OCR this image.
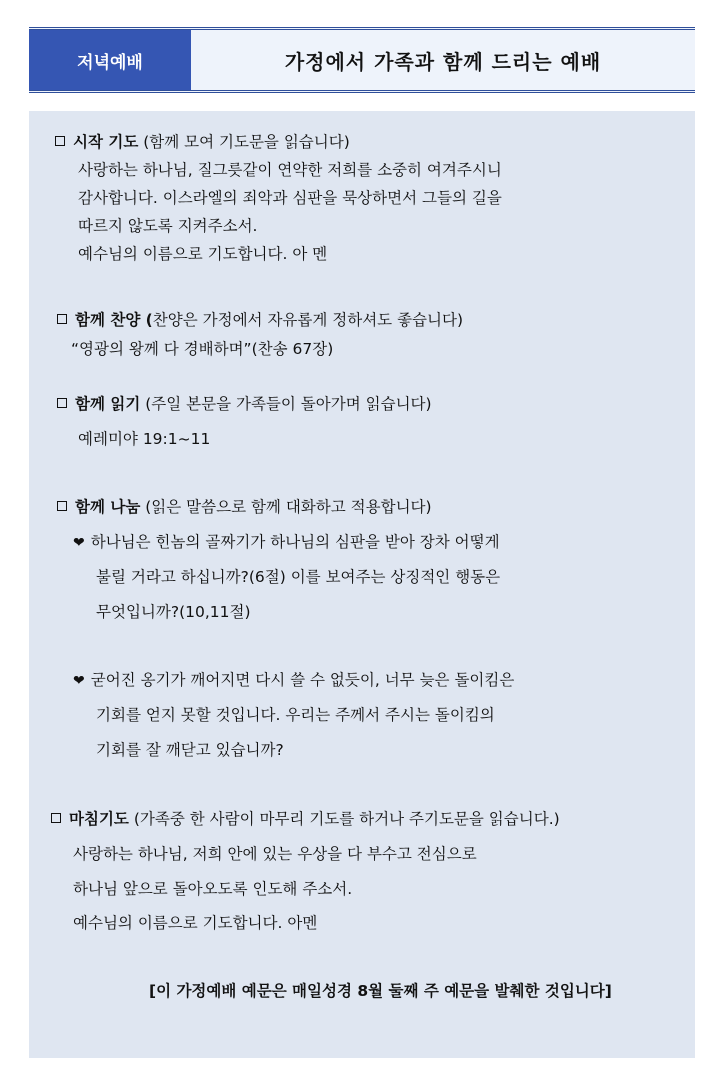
저녁예배	가정에서 가족과 함께 드리는 예배
시작 기도 (함께 모여 기도문을 읽습니다)
사랑하는 하나님, 질그릇같이 연약한 저희를 소중히 여겨주시니
감사합니다. 이스라엘의 죄악과 심판을 묵상하면서 그들의 길을
따르지 않도록 지켜주소서.
예수님의 이름으로 기도합니다. 아 멘
함께 찬양 (찬양은 가정에서 자유롭게 정하셔도 좋습니다)
“영광의 왕께 다 경배하며”(찬송 67장)
함께 읽기 (주일 본문을 가족들이 돌아가며 읽습니다)
예레미야 19:1~11
함께 나눔 (읽은 말씀으로 함께 대화하고 적용합니다)
❤ 하나님은 힌놈의 골짜기가 하나님의 심판을 받아 장차 어떻게
불릴 거라고 하십니까?(6절) 이를 보여주는 상징적인 행동은
무엇입니까?(10,11절)
❤ 굳어진 옹기가 깨어지면 다시 쓸 수 없듯이, 너무 늦은 돌이킴은
기회를 얻지 못할 것입니다. 우리는 주께서 주시는 돌이킴의
기회를 잘 깨닫고 있습니까?
마침기도 (가족중 한 사람이 마무리 기도를 하거나 주기도문을 읽습니다.)
사랑하는 하나님, 저희 안에 있는 우상을 다 부수고 전심으로
하나님 앞으로 돌아오도록 인도해 주소서.
예수님의 이름으로 기도합니다. 아멘
[이 가정예배 예문은 매일성경 8월 둘째 주 예문을 발췌한 것입니다]
